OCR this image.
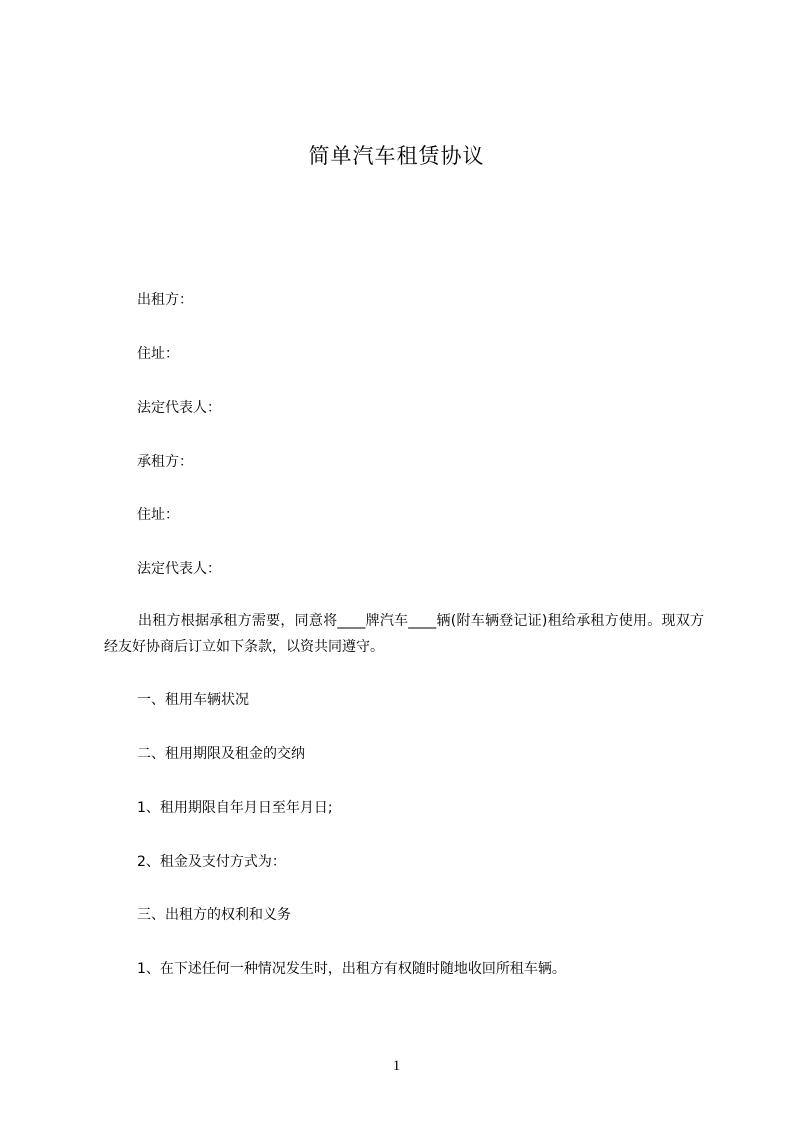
简单汽车租赁协议
出租方：
住址：
法定代表人：
承租方：
住址：
法定代表人：
出租方根据承租方需要，同意将____牌汽车____辆(附车辆登记证)租给承租方使用。现双方经友好协商后订立如下条款，以资共同遵守。
一、租用车辆状况
二、租用期限及租金的交纳
1、租用期限自年月日至年月日;
2、租金及支付方式为：
三、出租方的权利和义务
1、在下述任何一种情况发生时，出租方有权随时随地收回所租车辆。
1
